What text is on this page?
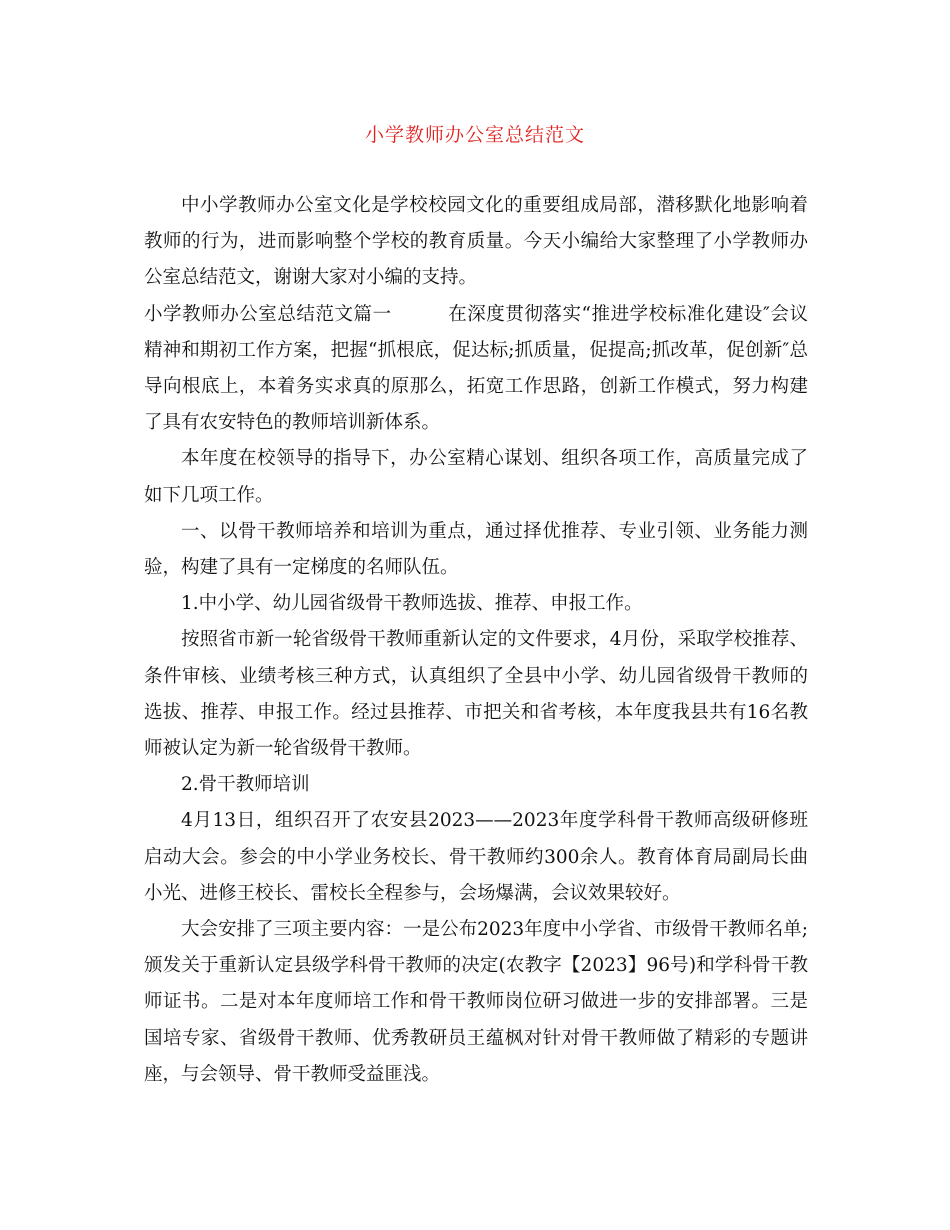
小学教师办公室总结范文

中小学教师办公室文化是学校校园文化的重要组成局部，潜移默化地影响着教师的行为，进而影响整个学校的教育质量。今天小编给大家整理了小学教师办公室总结范文，谢谢大家对小编的支持。

小学教师办公室总结范文篇一	在深度贯彻落实“推进学校标准化建设″会议精神和期初工作方案，把握“抓根底，促达标;抓质量，促提高;抓改革，促创新″总导向根底上，本着务实求真的原那么，拓宽工作思路，创新工作模式，努力构建了具有农安特色的教师培训新体系。

本年度在校领导的指导下，办公室精心谋划、组织各项工作，高质量完成了如下几项工作。

一、以骨干教师培养和培训为重点，通过择优推荐、专业引领、业务能力测验，构建了具有一定梯度的名师队伍。

1.中小学、幼儿园省级骨干教师选拔、推荐、申报工作。

按照省市新一轮省级骨干教师重新认定的文件要求，4月份，采取学校推荐、条件审核、业绩考核三种方式，认真组织了全县中小学、幼儿园省级骨干教师的选拔、推荐、申报工作。经过县推荐、市把关和省考核，本年度我县共有16名教师被认定为新一轮省级骨干教师。

2.骨干教师培训

4月13日，组织召开了农安县2023——2023年度学科骨干教师高级研修班启动大会。参会的中小学业务校长、骨干教师约300余人。教育体育局副局长曲小光、进修王校长、雷校长全程参与，会场爆满，会议效果较好。

大会安排了三项主要内容：一是公布2023年度中小学省、市级骨干教师名单;颁发关于重新认定县级学科骨干教师的决定(农教字【2023】96号)和学科骨干教师证书。二是对本年度师培工作和骨干教师岗位研习做进一步的安排部署。三是国培专家、省级骨干教师、优秀教研员王蕴枫对针对骨干教师做了精彩的专题讲座，与会领导、骨干教师受益匪浅。
